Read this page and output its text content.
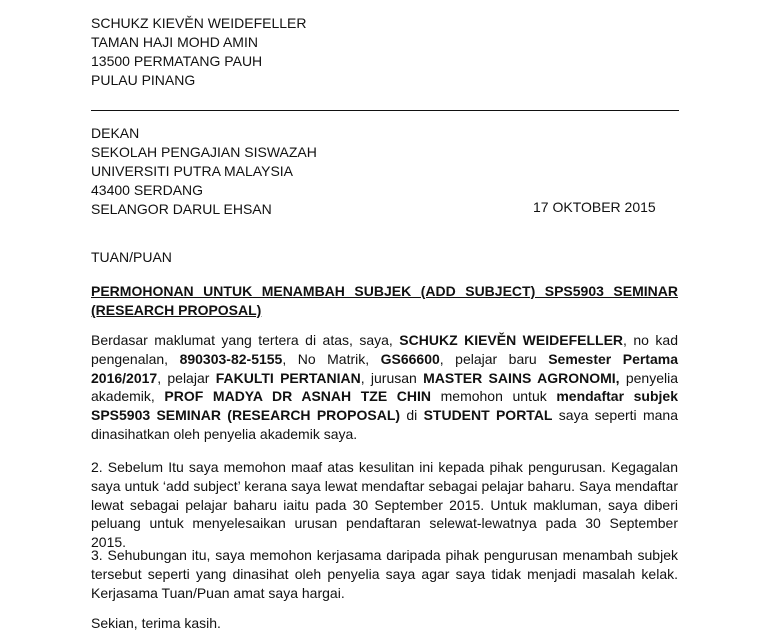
SCHUKZ KIEVĚN WEIDEFELLER
TAMAN HAJI MOHD AMIN
13500 PERMATANG PAUH
PULAU PINANG
DEKAN
SEKOLAH PENGAJIAN SISWAZAH
UNIVERSITI PUTRA MALAYSIA
43400 SERDANG
SELANGOR DARUL EHSAN	17 OKTOBER 2015
TUAN/PUAN
PERMOHONAN UNTUK MENAMBAH SUBJEK (ADD SUBJECT) SPS5903 SEMINAR (RESEARCH PROPOSAL)
Berdasar maklumat yang tertera di atas, saya, SCHUKZ KIEVĚN WEIDEFELLER, no kad pengenalan, 890303-82-5155, No Matrik, GS66600, pelajar baru Semester Pertama 2016/2017, pelajar FAKULTI PERTANIAN, jurusan MASTER SAINS AGRONOMI, penyelia akademik, PROF MADYA DR ASNAH TZE CHIN memohon untuk mendaftar subjek SPS5903 SEMINAR (RESEARCH PROPOSAL) di STUDENT PORTAL saya seperti mana dinasihatkan oleh penyelia akademik saya.
2. Sebelum Itu saya memohon maaf atas kesulitan ini kepada pihak pengurusan. Kegagalan saya untuk ‘add subject’ kerana saya lewat mendaftar sebagai pelajar baharu. Saya mendaftar lewat sebagai pelajar baharu iaitu pada 30 September 2015. Untuk makluman, saya diberi peluang untuk menyelesaikan urusan pendaftaran selewat-lewatnya pada 30 September 2015.
3. Sehubungan itu, saya memohon kerjasama daripada pihak pengurusan menambah subjek tersebut seperti yang dinasihat oleh penyelia saya agar saya tidak menjadi masalah kelak. Kerjasama Tuan/Puan amat saya hargai.
Sekian, terima kasih.
